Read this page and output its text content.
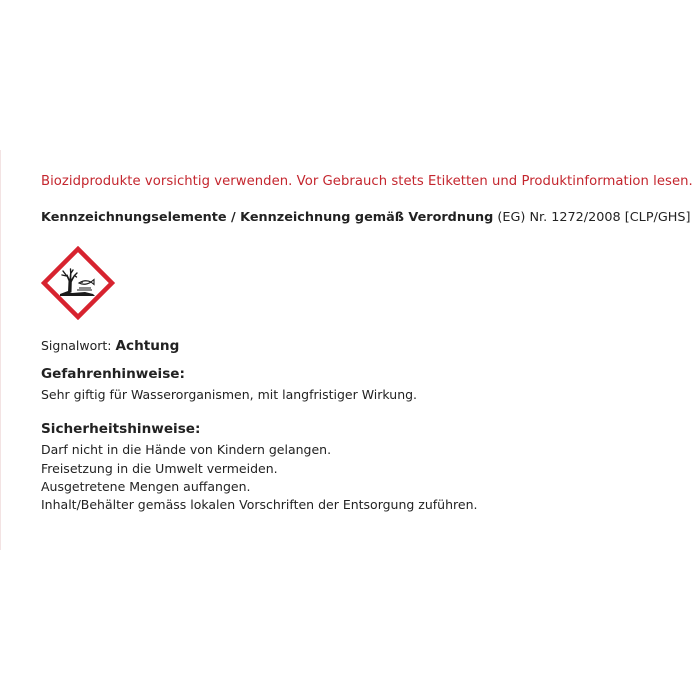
Biozidprodukte vorsichtig verwenden. Vor Gebrauch stets Etiketten und Produktinformation lesen.
Kennzeichnungselemente / Kennzeichnung gemäß Verordnung (EG) Nr. 1272/2008 [CLP/GHS]
Signalwort: Achtung
Gefahrenhinweise:
Sehr giftig für Wasserorganismen, mit langfristiger Wirkung.
Sicherheitshinweise:
Darf nicht in die Hände von Kindern gelangen.
Freisetzung in die Umwelt vermeiden.
Ausgetretene Mengen auffangen.
Inhalt/Behälter gemäss lokalen Vorschriften der Entsorgung zuführen.
